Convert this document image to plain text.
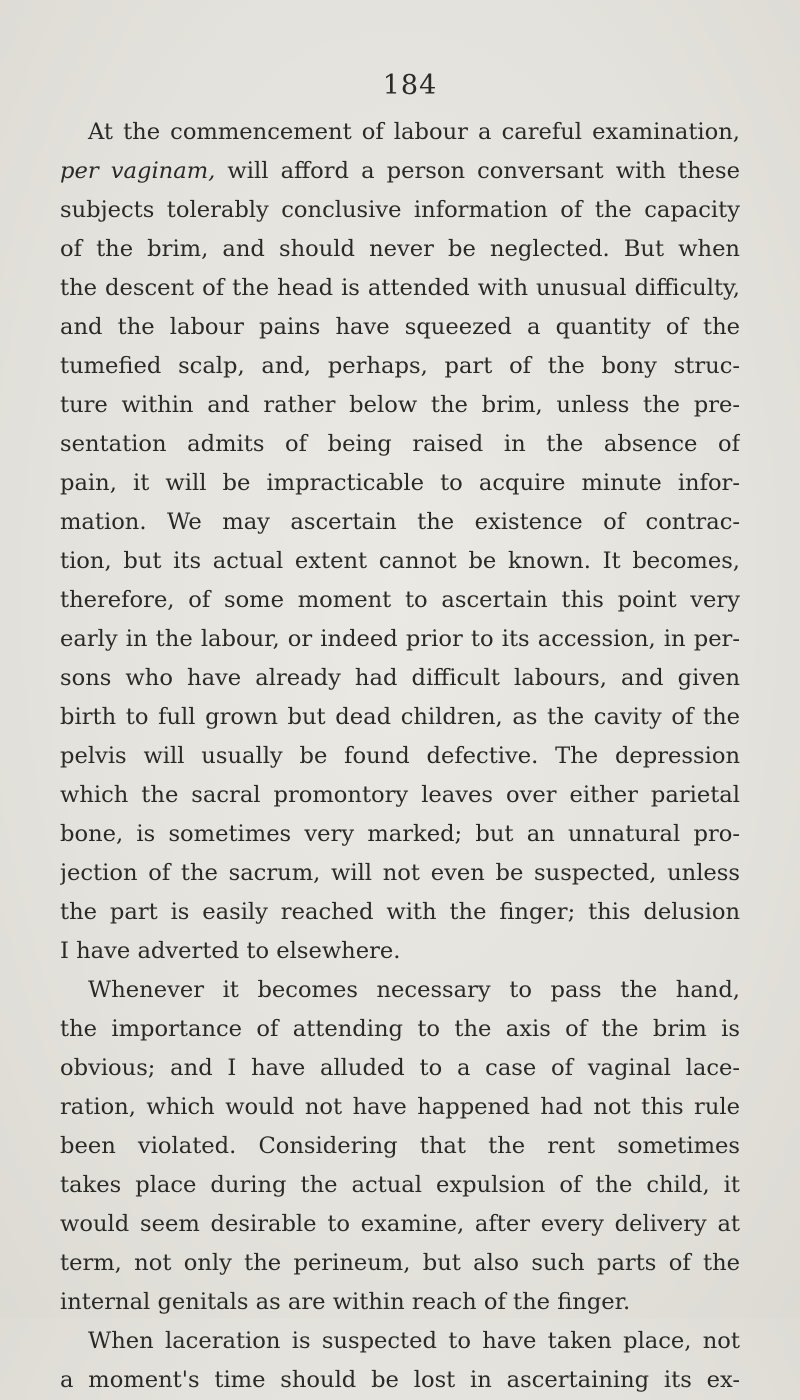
184
At the commencement of labour a careful examination,
per vaginam, will afford a person conversant with these
subjects tolerably conclusive information of the capacity
of the brim, and should never be neglected. But when
the descent of the head is attended with unusual difficulty,
and the labour pains have squeezed a quantity of the
tumefied scalp, and, perhaps, part of the bony struc-
ture within and rather below the brim, unless the pre-
sentation admits of being raised in the absence of
pain, it will be impracticable to acquire minute infor-
mation. We may ascertain the existence of contrac-
tion, but its actual extent cannot be known. It becomes,
therefore, of some moment to ascertain this point very
early in the labour, or indeed prior to its accession, in per-
sons who have already had difficult labours, and given
birth to full grown but dead children, as the cavity of the
pelvis will usually be found defective. The depression
which the sacral promontory leaves over either parietal
bone, is sometimes very marked; but an unnatural pro-
jection of the sacrum, will not even be suspected, unless
the part is easily reached with the finger; this delusion
I have adverted to elsewhere.
Whenever it becomes necessary to pass the hand,
the importance of attending to the axis of the brim is
obvious; and I have alluded to a case of vaginal lace-
ration, which would not have happened had not this rule
been violated. Considering that the rent sometimes
takes place during the actual expulsion of the child, it
would seem desirable to examine, after every delivery at
term, not only the perineum, but also such parts of the
internal genitals as are within reach of the finger.
When laceration is suspected to have taken place, not
a moment's time should be lost in ascertaining its ex-
